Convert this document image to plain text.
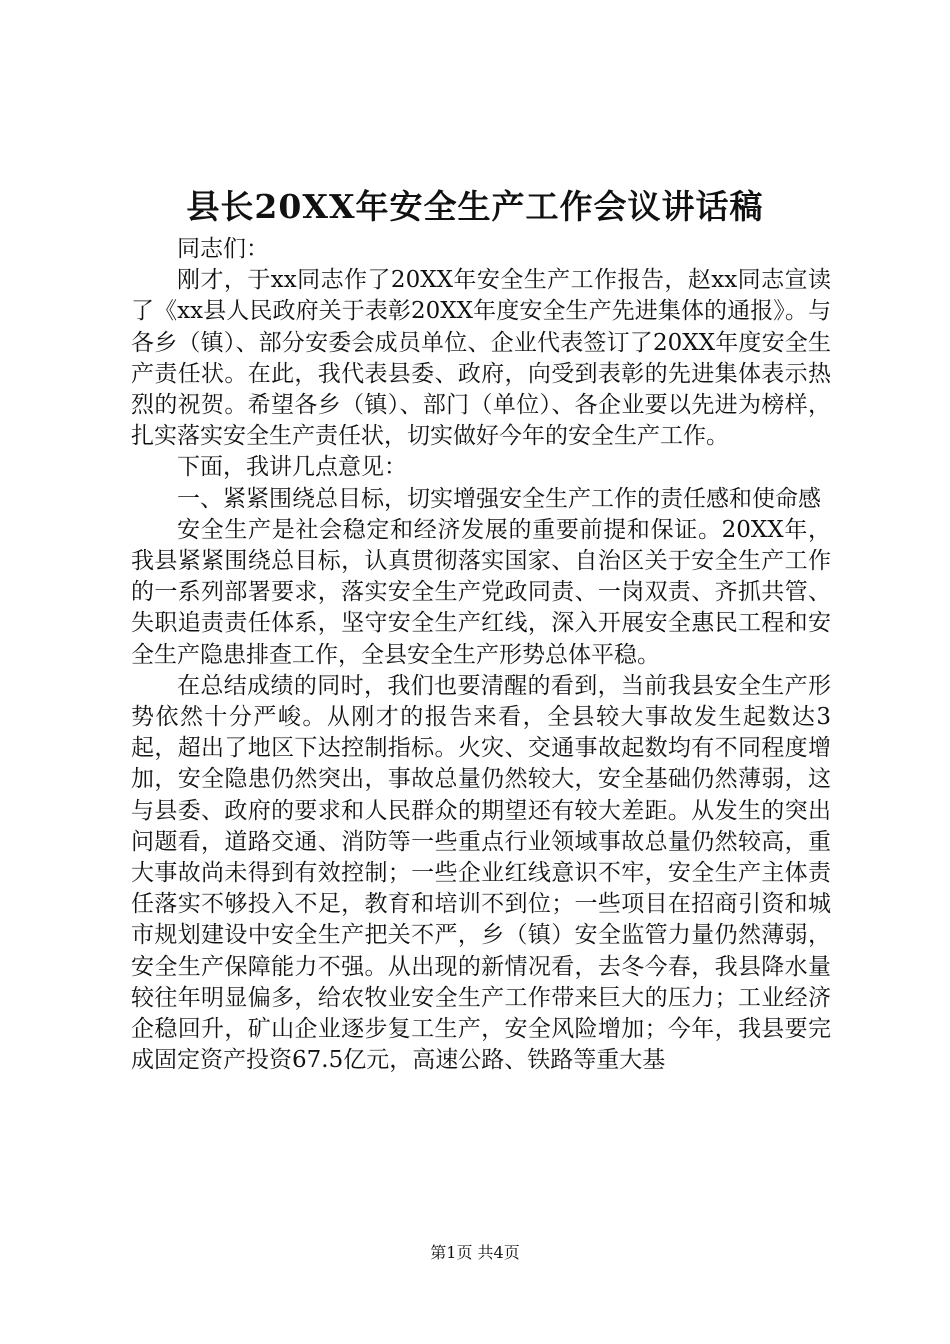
县长20XX年安全生产工作会议讲话稿

同志们：

刚才，于xx同志作了20XX年安全生产工作报告，赵xx同志宣读了《xx县人民政府关于表彰20XX年度安全生产先进集体的通报》。与各乡（镇）、部分安委会成员单位、企业代表签订了20XX年度安全生产责任状。在此，我代表县委、政府，向受到表彰的先进集体表示热烈的祝贺。希望各乡（镇）、部门（单位）、各企业要以先进为榜样，扎实落实安全生产责任状，切实做好今年的安全生产工作。

下面，我讲几点意见：

一、紧紧围绕总目标，切实增强安全生产工作的责任感和使命感

安全生产是社会稳定和经济发展的重要前提和保证。20XX年，我县紧紧围绕总目标，认真贯彻落实国家、自治区关于安全生产工作的一系列部署要求，落实安全生产党政同责、一岗双责、齐抓共管、失职追责责任体系，坚守安全生产红线，深入开展安全惠民工程和安全生产隐患排查工作，全县安全生产形势总体平稳。

在总结成绩的同时，我们也要清醒的看到，当前我县安全生产形势依然十分严峻。从刚才的报告来看，全县较大事故发生起数达3起，超出了地区下达控制指标。火灾、交通事故起数均有不同程度增加，安全隐患仍然突出，事故总量仍然较大，安全基础仍然薄弱，这与县委、政府的要求和人民群众的期望还有较大差距。从发生的突出问题看，道路交通、消防等一些重点行业领域事故总量仍然较高，重大事故尚未得到有效控制；一些企业红线意识不牢，安全生产主体责任落实不够投入不足，教育和培训不到位；一些项目在招商引资和城市规划建设中安全生产把关不严，乡（镇）安全监管力量仍然薄弱，安全生产保障能力不强。从出现的新情况看，去冬今春，我县降水量较往年明显偏多，给农牧业安全生产工作带来巨大的压力；工业经济企稳回升，矿山企业逐步复工生产，安全风险增加；今年，我县要完成固定资产投资67.5亿元，高速公路、铁路等重大基

第1页 共4页
